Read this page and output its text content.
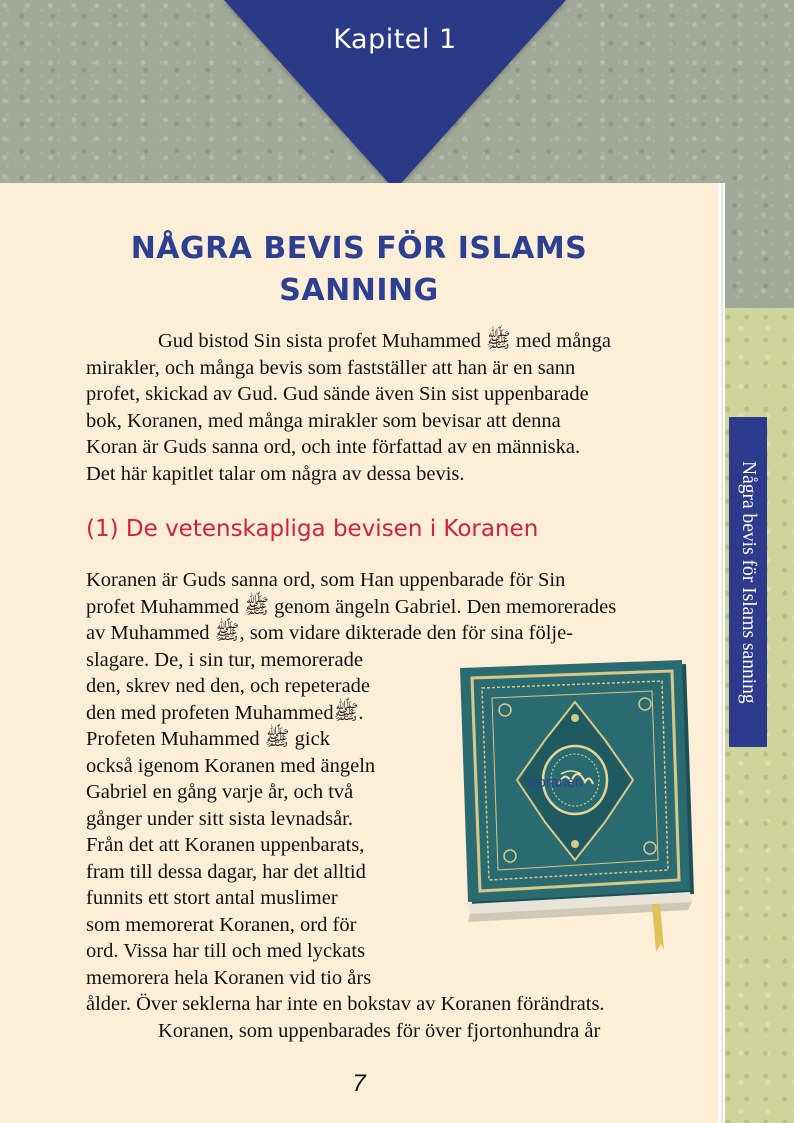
Kapitel 1
NÅGRA BEVIS FÖR ISLAMS
SANNING
Gud bistod Sin sista profet Muhammed ﷺ med många
mirakler, och många bevis som fastställer att han är en sann
profet, skickad av Gud. Gud sände även Sin sist uppenbarade
bok, Koranen, med många mirakler som bevisar att denna
Koran är Guds sanna ord, och inte författad av en människa.
Det här kapitlet talar om några av dessa bevis.
(1) De vetenskapliga bevisen i Koranen
Koranen är Guds sanna ord, som Han uppenbarade för Sin
profet Muhammed ﷺ genom ängeln Gabriel. Den memorerades
av Muhammed ﷺ, som vidare dikterade den för sina följe-
slagare. De, i sin tur, memorerade
den, skrev ned den, och repeterade
den med profeten Muhammedﷺ.
Profeten Muhammed ﷺ gick
också igenom Koranen med ängeln
Gabriel en gång varje år, och två
gånger under sitt sista levnadsår.
Från det att Koranen uppenbarats,
fram till dessa dagar, har det alltid
funnits ett stort antal muslimer
som memorerat Koranen, ord för
ord. Vissa har till och med lyckats
memorera hela Koranen vid tio års
ålder. Över seklerna har inte en bokstav av Koranen förändrats.
Koranen, som uppenbarades för över fjortonhundra år
Koranen
7
Några bevis för Islams sanning
